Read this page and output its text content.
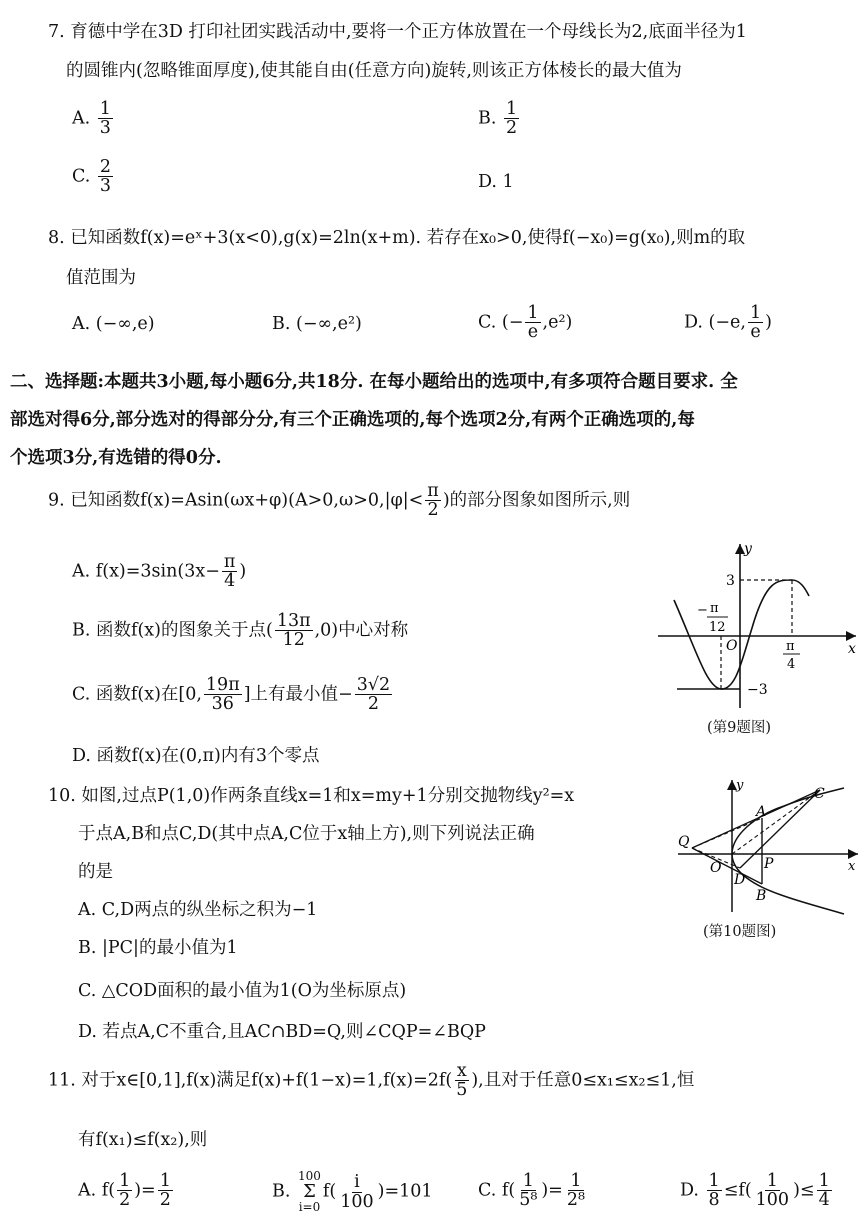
7. 育德中学在3D 打印社团实践活动中,要将一个正方体放置在一个母线长为2,底面半径为1
的圆锥内(忽略锥面厚度),使其能自由(任意方向)旋转,则该正方体棱长的最大值为
A. $\frac{1}{3}$	B. $\frac{1}{2}$
C. $\frac{2}{3}$	D. 1
8. 已知函数f(x)=eˣ+3(x<0),g(x)=2ln(x+m). 若存在x₀>0,使得f(−x₀)=g(x₀),则m的取
值范围为
A. (−∞,e)	B. (−∞,e²)	C. (− $\frac{1}{e} ,e^2$)	D. (−e, $\frac{1}{e}$ )
二、选择题:本题共3小题,每小题6分,共18分. 在每小题给出的选项中,有多项符合题目要求. 全
部选对得6分,部分选对的得部分分,有三个正确选项的,每个选项2分,有两个正确选项的,每
个选项3分,有选错的得0分.
9. 已知函数$f(x)=Asin(\omega x+\varphi)(A>0,\omega>0,|\varphi|< \frac{\pi}{2}$ )的部分图象如图所示,则
A. $f(x)=3\sin(3x- \frac{\pi}{4}$ )
B. 函数f(x)的图象关于点( $\frac{13\pi}{12} ,0$)中心对称
C. 函数f(x)在[0, $\frac{19\pi}{36}$ ]上有最小值− $\frac{3√2}{2}$
D. 函数f(x)在(0,π)内有3个零点
y
x
O
3
−3
− π
12
π
4
(第9题图)
10. 如图,过点P(1,0)作两条直线x=1和x=my+1分别交抛物线y²=x
于点A,B和点C,D(其中点A,C位于x轴上方),则下列说法正确
的是
A. C,D两点的纵坐标之积为−1
B. |PC|的最小值为1
C. △COD面积的最小值为1(O为坐标原点)
D. 若点A,C不重合,且AC∩BD=Q,则∠CQP=∠BQP
y
x
Q
O
A
P
D
B
C
(第10题图)
11. 对于x∈[0,1],f(x)满足$f(x)+f(1-x)=1,f(x)=2f( \frac{x}{5}$ ),且对于任意0≤x₁≤x₂≤1,恒
有f(x₁)≤f(x₂),则
A. $f( \frac{1}{2}$ )= $\frac{1}{2}$	B.
100
Σ
i=0
$f( \frac{i}{100} )=101$	C. $f( \frac{1}{\text{5⁸}}$ )= $\frac{1}{\text{2⁸}}$	D. $\frac{1}{8} \le f( \frac{1}{100}$ )≤ $\frac{1}{4}$
